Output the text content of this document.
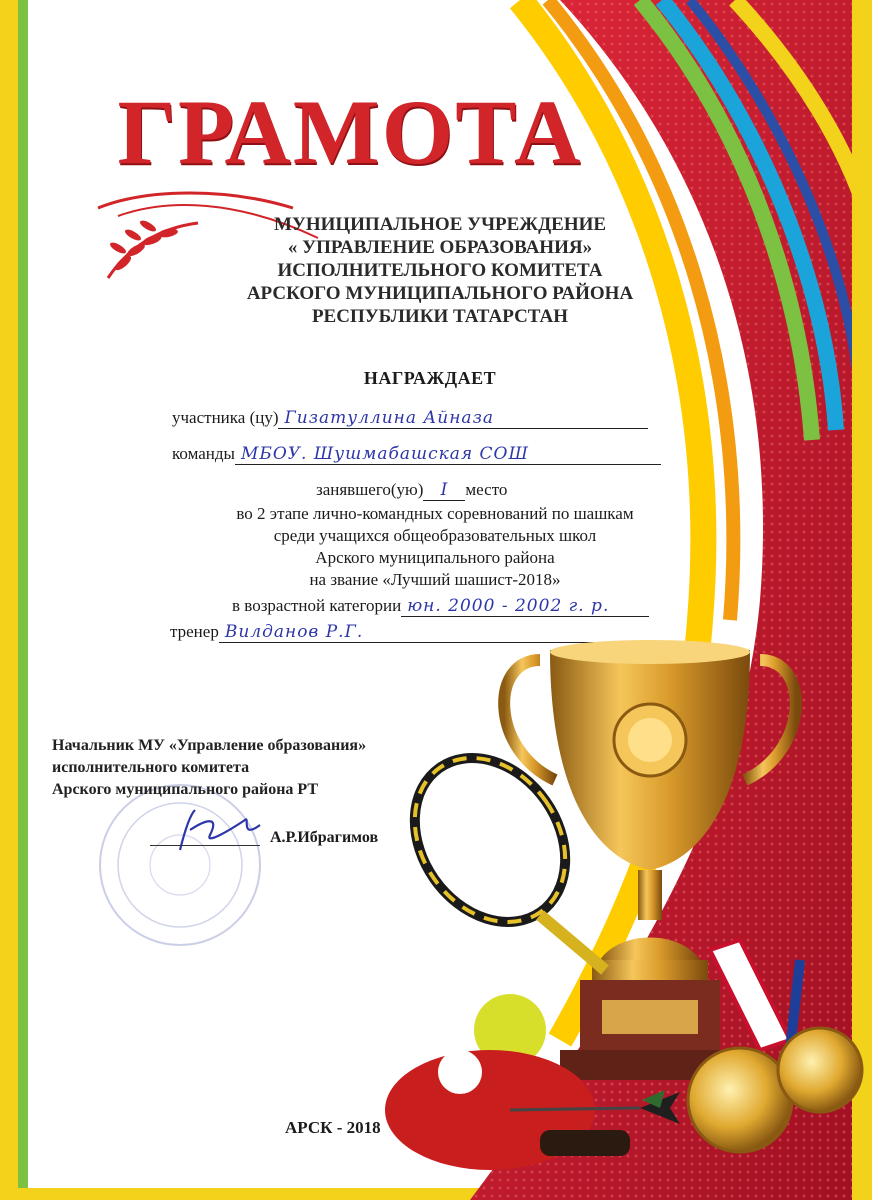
ГРАМОТА
МУНИЦИПАЛЬНОЕ УЧРЕЖДЕНИЕ
« УПРАВЛЕНИЕ ОБРАЗОВАНИЯ»
ИСПОЛНИТЕЛЬНОГО КОМИТЕТА
АРСКОГО МУНИЦИПАЛЬНОГО РАЙОНА
РЕСПУБЛИКИ ТАТАРСТАН
НАГРАЖДАЕТ
участника (цу) Гизатуллина Айназа
команды МБОУ. Шушмабашская СОШ
занявшего(ую) I место
во 2 этапе лично-командных соревнований по шашкам
среди учащихся общеобразовательных школ
Арского муниципального района
на звание «Лучший шашист-2018»
в возрастной категории юн. 2000 - 2002 г. р.
тренер Вилданов Р.Г.
Начальник МУ «Управление образования»
исполнительного комитета
Арского муниципального района РТ
А.Р.Ибрагимов
АРСК - 2018
